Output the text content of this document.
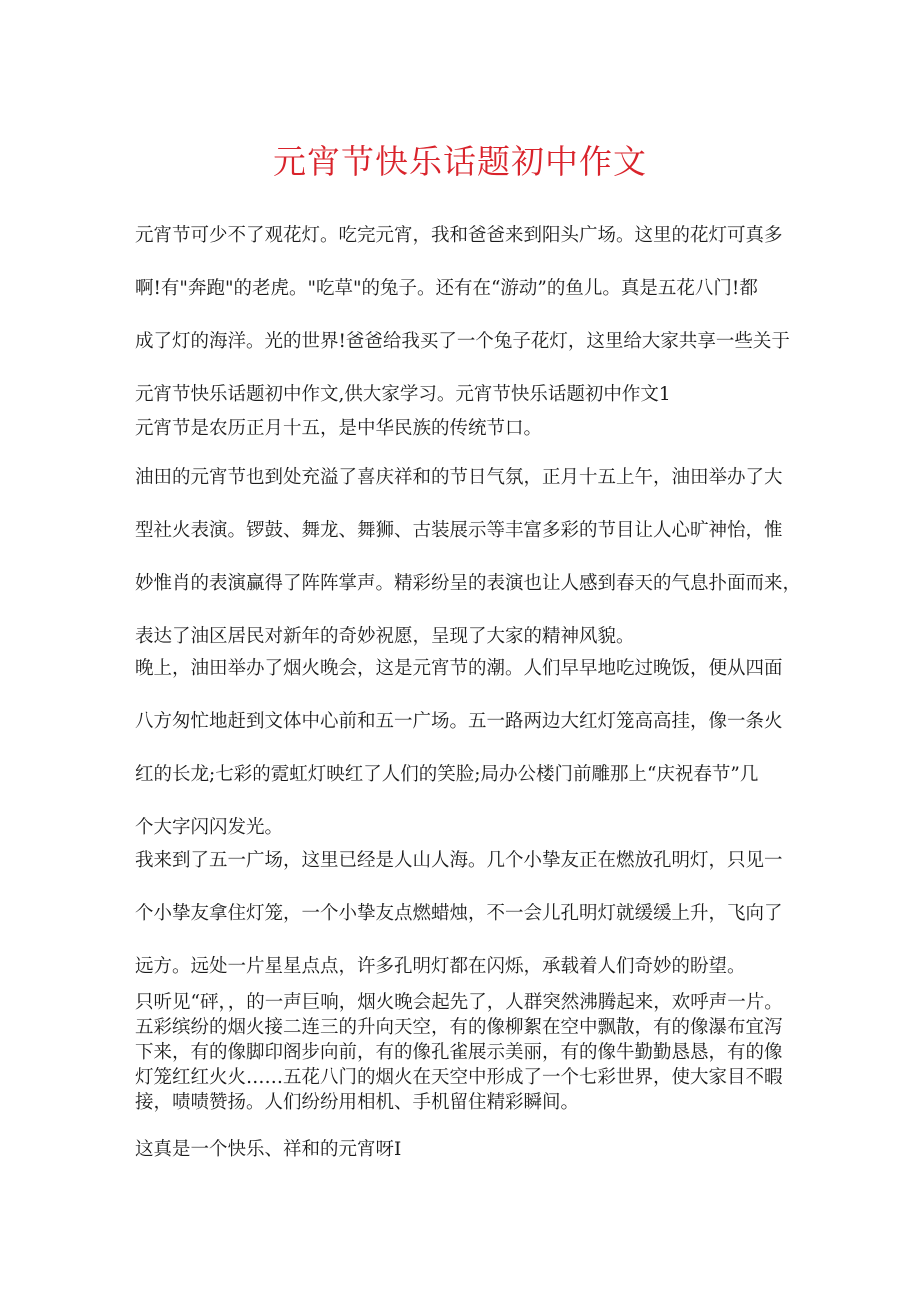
元宵节快乐话题初中作文
元宵节可少不了观花灯。吃完元宵，我和爸爸来到阳头广场。这里的花灯可真多
啊!有"奔跑"的老虎。"吃草"的兔子。还有在“游动”的鱼儿。真是五花八门!都
成了灯的海洋。光的世界!爸爸给我买了一个兔子花灯，这里给大家共享一些关于
元宵节快乐话题初中作文,供大家学习。元宵节快乐话题初中作文1
元宵节是农历正月十五，是中华民族的传统节口。
油田的元宵节也到处充溢了喜庆祥和的节日气氛，正月十五上午，油田举办了大
型社火表演。锣鼓、舞龙、舞狮、古装展示等丰富多彩的节目让人心旷神怡，惟
妙惟肖的表演赢得了阵阵掌声。精彩纷呈的表演也让人感到春天的气息扑面而来，
表达了油区居民对新年的奇妙祝愿，呈现了大家的精神风貌。
晚上，油田举办了烟火晚会，这是元宵节的潮。人们早早地吃过晚饭，便从四面
八方匆忙地赶到文体中心前和五一广场。五一路两边大红灯笼高高挂，像一条火
红的长龙;七彩的霓虹灯映红了人们的笑脸;局办公楼门前雕那上“庆祝春节”几
个大字闪闪发光。
我来到了五一广场，这里已经是人山人海。几个小挚友正在燃放孔明灯，只见一
个小挚友拿住灯笼，一个小挚友点燃蜡烛，不一会儿孔明灯就缓缓上升，飞向了
远方。远处一片星星点点，许多孔明灯都在闪烁，承载着人们奇妙的盼望。
只听见“砰，，的一声巨响，烟火晚会起先了，人群突然沸腾起来，欢呼声一片。
五彩缤纷的烟火接二连三的升向天空，有的像柳絮在空中飘散，有的像瀑布宜泻
下来，有的像脚印阁步向前，有的像孔雀展示美丽，有的像牛勤勤恳恳，有的像
灯笼红红火火……五花八门的烟火在天空中形成了一个七彩世界，使大家目不暇
接，啧啧赞扬。人们纷纷用相机、手机留住精彩瞬间。
这真是一个快乐、祥和的元宵呀I
